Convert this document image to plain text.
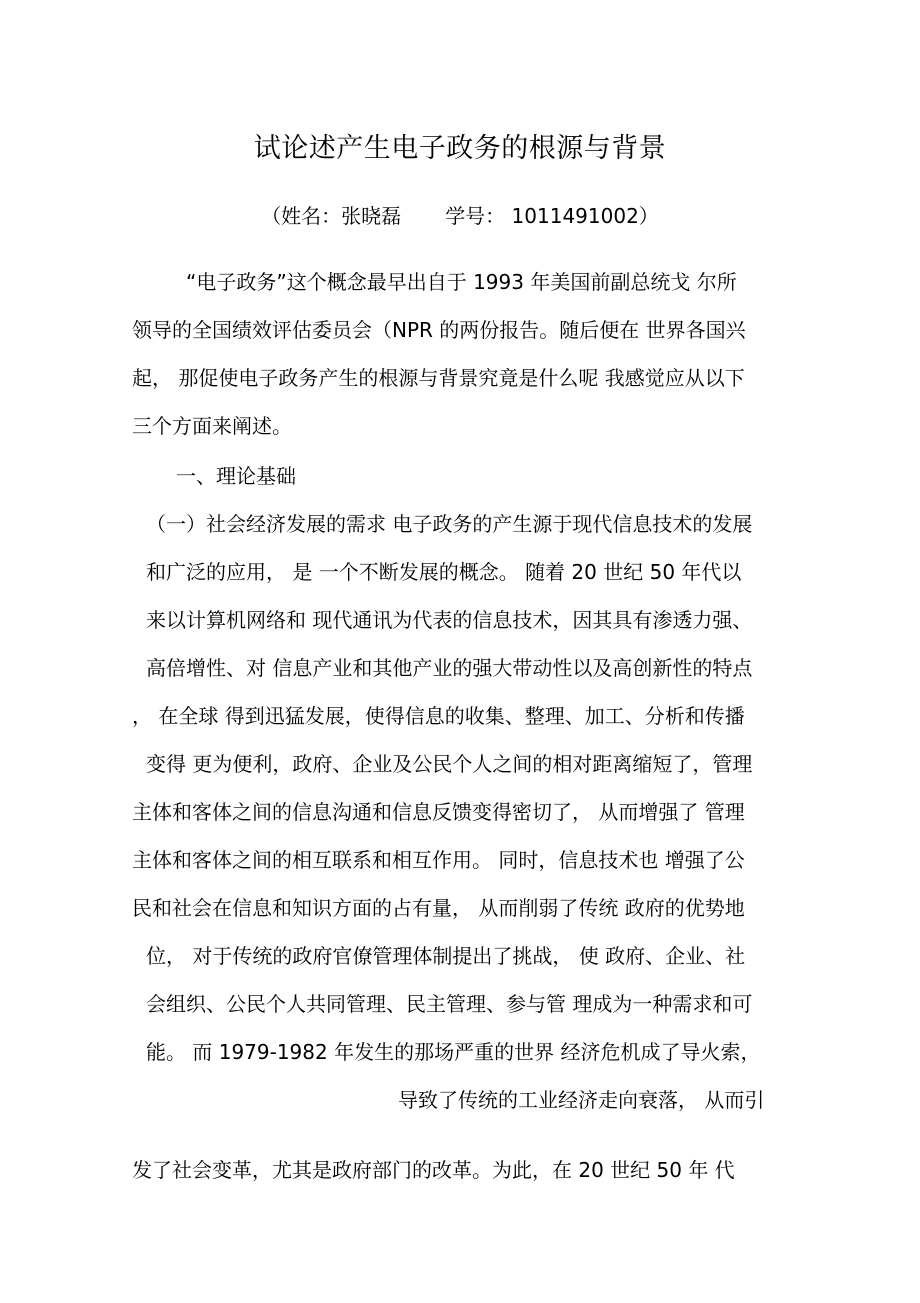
试论述产生电子政务的根源与背景
（姓名：张晓磊 学号： 1011491002）
“电子政务”这个概念最早出自于 1993 年美国前副总统戈 尔所
领导的全国绩效评估委员会（NPR 的两份报告。随后便在 世界各国兴
起， 那促使电子政务产生的根源与背景究竟是什么呢 我感觉应从以下
三个方面来阐述。
一、理论基础
（一）社会经济发展的需求 电子政务的产生源于现代信息技术的发展
和广泛的应用， 是 一个不断发展的概念。 随着 20 世纪 50 年代以
来以计算机网络和 现代通讯为代表的信息技术，因其具有渗透力强、
高倍增性、对 信息产业和其他产业的强大带动性以及高创新性的特点
， 在全球 得到迅猛发展，使得信息的收集、整理、加工、分析和传播
变得 更为便利，政府、企业及公民个人之间的相对距离缩短了，管理
主体和客体之间的信息沟通和信息反馈变得密切了， 从而增强了 管理
主体和客体之间的相互联系和相互作用。 同时，信息技术也 增强了公
民和社会在信息和知识方面的占有量， 从而削弱了传统 政府的优势地
位， 对于传统的政府官僚管理体制提出了挑战， 使 政府、企业、社
会组织、公民个人共同管理、民主管理、参与管 理成为一种需求和可
能。 而 1979-1982 年发生的那场严重的世界 经济危机成了导火索，
导致了传统的工业经济走向衰落， 从而引
发了社会变革，尤其是政府部门的改革。为此，在 20 世纪 50 年 代
